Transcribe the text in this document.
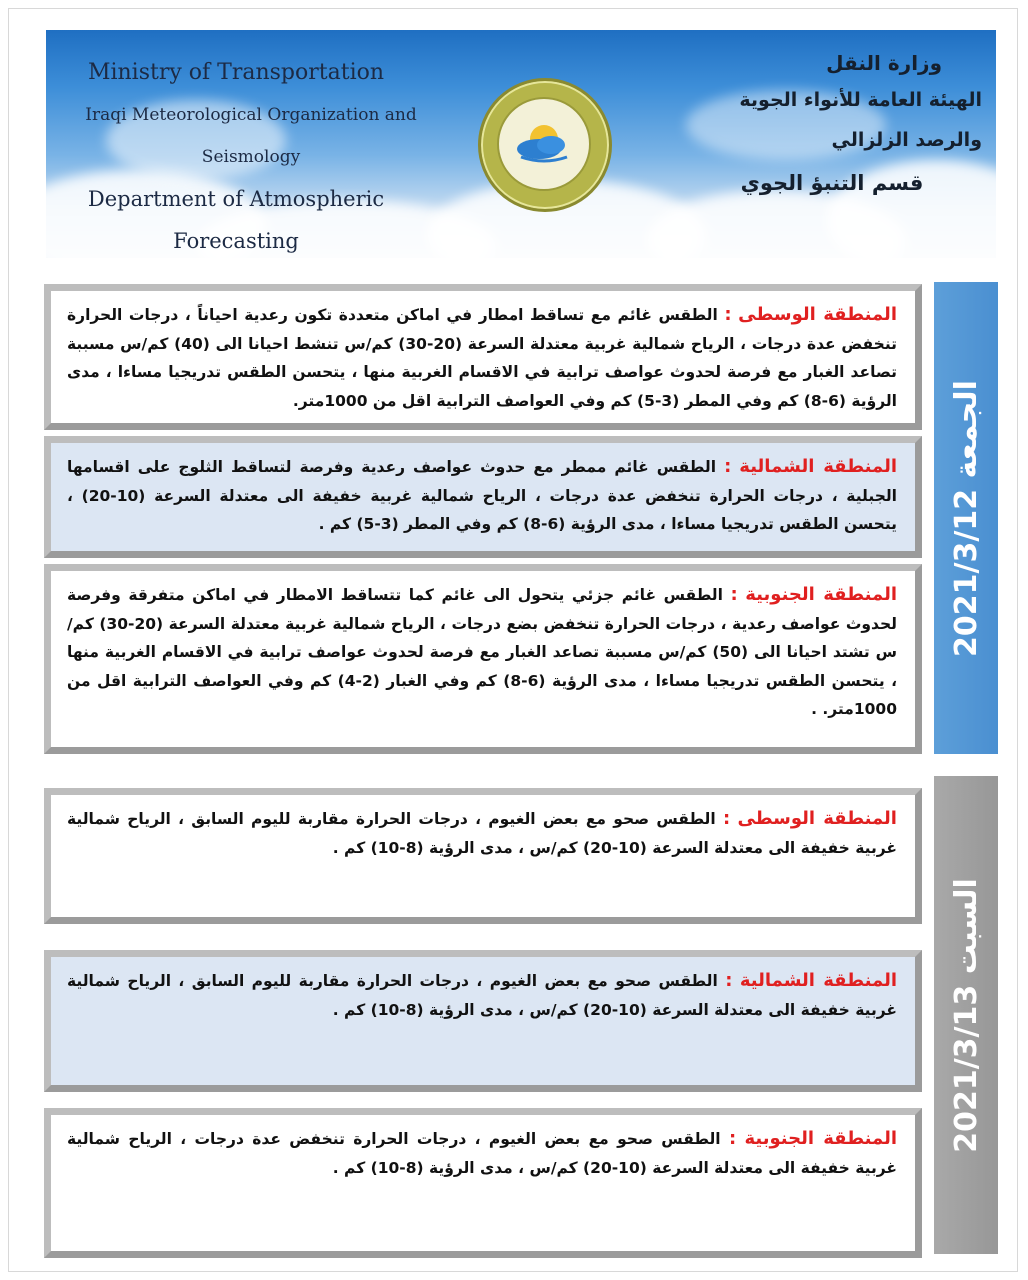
Ministry of Transportation
Iraqi Meteorological Organization and Seismology
Department of Atmospheric Forecasting
وزارة النقل
الهيئة العامة للأنواء الجوية والرصد الزلزالي
قسم التنبؤ الجوي
الجمعة 2021/3/12
المنطقة الوسطى : الطقس غائم مع تساقط امطار في اماكن متعددة تكون رعدية احياناً ، درجات الحرارة تنخفض عدة درجات ، الرياح شمالية غربية معتدلة السرعة (20-30) كم/س تنشط احيانا الى (40) كم/س مسببة تصاعد الغبار مع فرصة لحدوث عواصف ترابية في الاقسام الغربية منها ، يتحسن الطقس تدريجيا مساءا ، مدى الرؤية (6-8) كم وفي المطر (3-5) كم وفي العواصف الترابية اقل من 1000متر.
المنطقة الشمالية : الطقس غائم ممطر مع حدوث عواصف رعدية وفرصة لتساقط الثلوج على اقسامها الجبلية ، درجات الحرارة تنخفض عدة درجات ، الرياح شمالية غربية خفيفة الى معتدلة السرعة (10-20) ، يتحسن الطقس تدريجيا مساءا ، مدى الرؤية (6-8) كم وفي المطر (3-5) كم .
المنطقة الجنوبية : الطقس غائم جزئي يتحول الى غائم كما تتساقط الامطار في اماكن متفرقة وفرصة لحدوث عواصف رعدية ، درجات الحرارة تنخفض بضع درجات ، الرياح شمالية غربية معتدلة السرعة (20-30) كم/س تشتد احيانا الى (50) كم/س مسببة تصاعد الغبار مع فرصة لحدوث عواصف ترابية في الاقسام الغربية منها ، يتحسن الطقس تدريجيا مساءا ، مدى الرؤية (6-8) كم وفي الغبار (2-4) كم وفي العواصف الترابية اقل من 1000متر. .
السبت 2021/3/13
المنطقة الوسطى : الطقس صحو مع بعض الغيوم ، درجات الحرارة مقاربة لليوم السابق ، الرياح شمالية غربية خفيفة الى معتدلة السرعة (10-20) كم/س ، مدى الرؤية (8-10) كم .
المنطقة الشمالية : الطقس صحو مع بعض الغيوم ، درجات الحرارة مقاربة لليوم السابق ، الرياح شمالية غربية خفيفة الى معتدلة السرعة (10-20) كم/س ، مدى الرؤية (8-10) كم .
المنطقة الجنوبية : الطقس صحو مع بعض الغيوم ، درجات الحرارة تنخفض عدة درجات ، الرياح شمالية غربية خفيفة الى معتدلة السرعة (10-20) كم/س ، مدى الرؤية (8-10) كم .
